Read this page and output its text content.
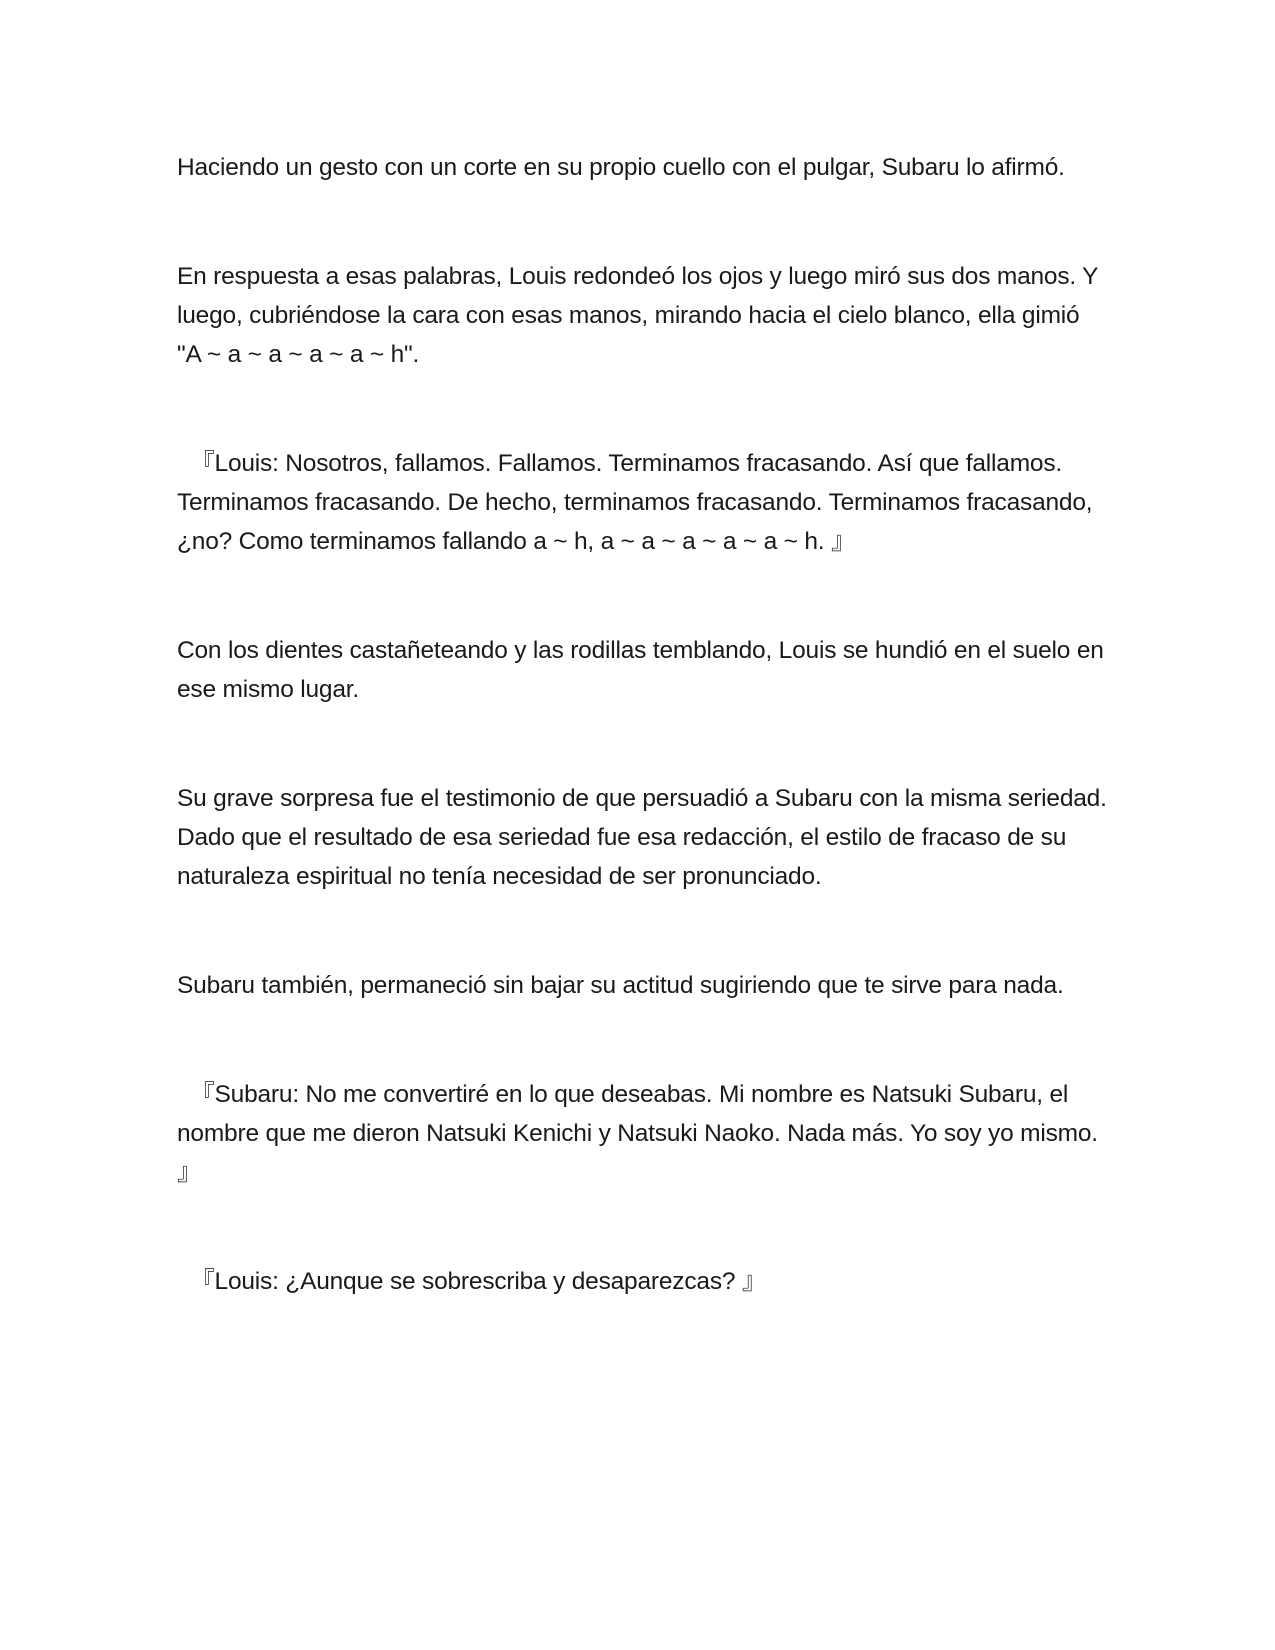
Haciendo un gesto con un corte en su propio cuello con el pulgar, Subaru lo afirmó.

En respuesta a esas palabras, Louis redondeó los ojos y luego miró sus dos manos. Y luego, cubriéndose la cara con esas manos, mirando hacia el cielo blanco, ella gimió "A ~ a ~ a ~ a ~ a ~ h".

『Louis: Nosotros, fallamos. Fallamos. Terminamos fracasando. Así que fallamos. Terminamos fracasando. De hecho, terminamos fracasando. Terminamos fracasando, ¿no? Como terminamos fallando a ~ h, a ~ a ~ a ~ a ~ a ~ h. 』

Con los dientes castañeteando y las rodillas temblando, Louis se hundió en el suelo en ese mismo lugar.

Su grave sorpresa fue el testimonio de que persuadió a Subaru con la misma seriedad. Dado que el resultado de esa seriedad fue esa redacción, el estilo de fracaso de su naturaleza espiritual no tenía necesidad de ser pronunciado.

Subaru también, permaneció sin bajar su actitud sugiriendo que te sirve para nada.

『Subaru: No me convertiré en lo que deseabas. Mi nombre es Natsuki Subaru, el nombre que me dieron Natsuki Kenichi y Natsuki Naoko. Nada más. Yo soy yo mismo. 』

『Louis: ¿Aunque se sobrescriba y desaparezcas? 』
